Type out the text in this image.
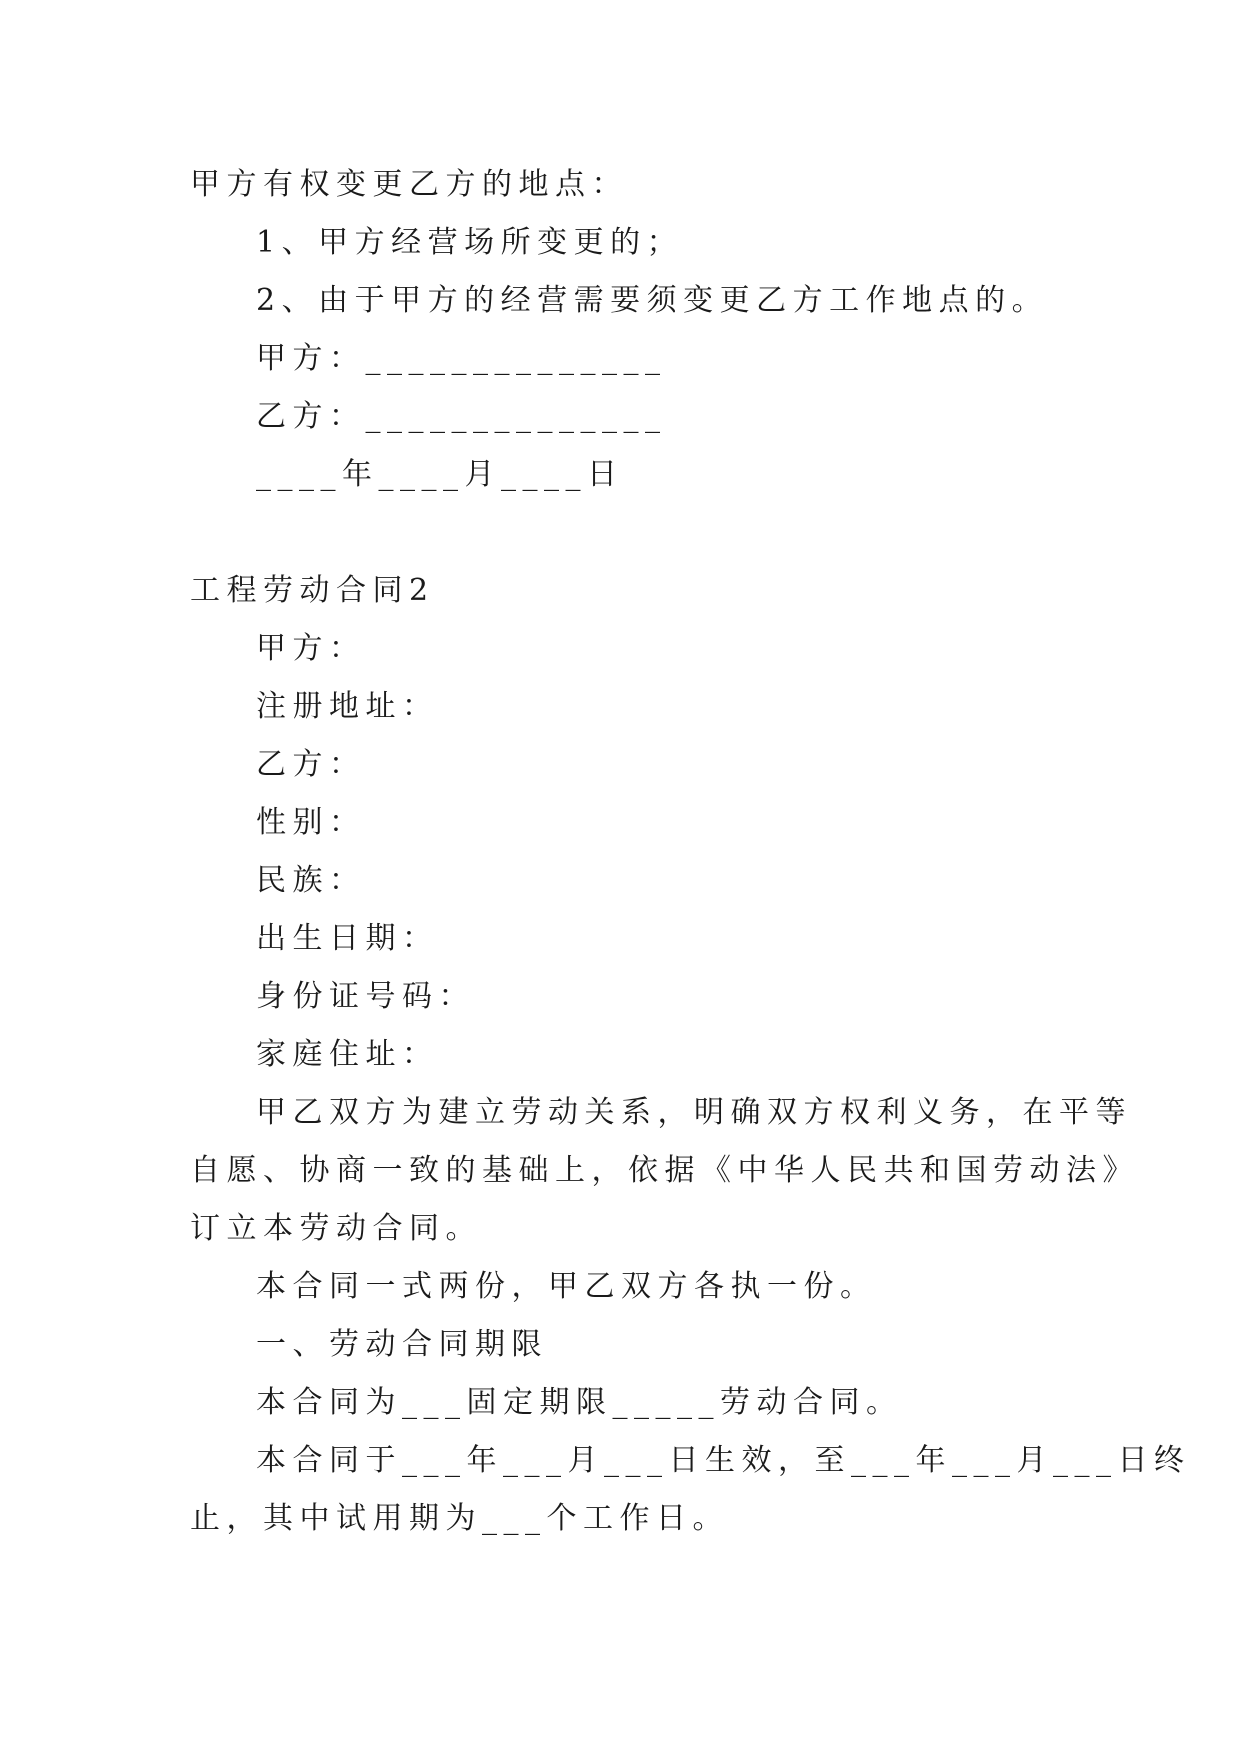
甲方有权变更乙方的地点：
1、甲方经营场所变更的；
2、由于甲方的经营需要须变更乙方工作地点的。
甲方：______________
乙方：______________
____年____月____日
工程劳动合同2
甲方：
注册地址：
乙方：
性别：
民族：
出生日期：
身份证号码：
家庭住址：
甲乙双方为建立劳动关系，明确双方权利义务，在平等
自愿、协商一致的基础上，依据《中华人民共和国劳动法》
订立本劳动合同。
本合同一式两份，甲乙双方各执一份。
一、劳动合同期限
本合同为___固定期限_____劳动合同。
本合同于___年___月___日生效，至___年___月___日终
止，其中试用期为___个工作日。
